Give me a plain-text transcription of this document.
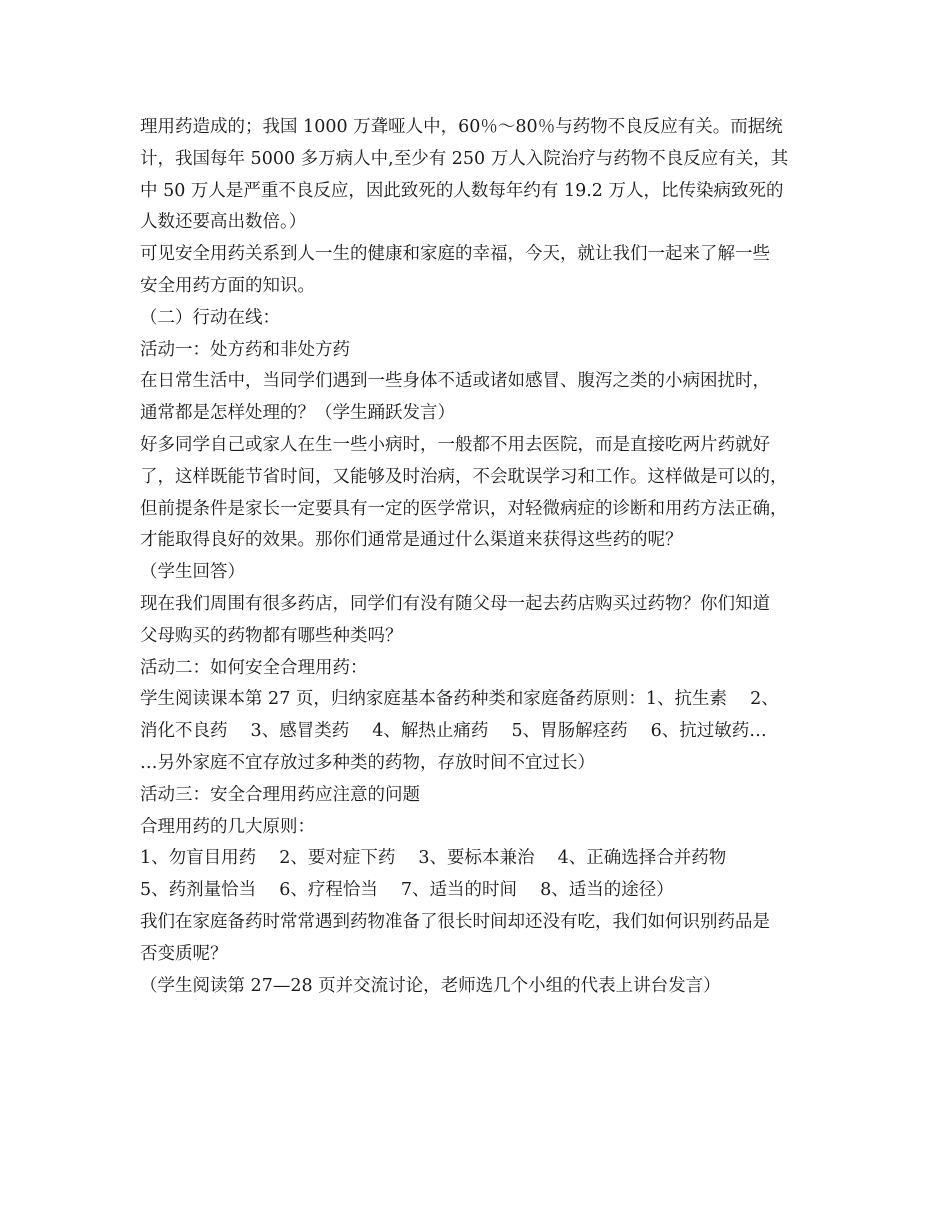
理用药造成的；我国 1000 万聋哑人中，60％～80％与药物不良反应有关。而据统
计，我国每年 5000 多万病人中,至少有 250 万人入院治疗与药物不良反应有关，其
中 50 万人是严重不良反应，因此致死的人数每年约有 19.2 万人，比传染病致死的
人数还要高出数倍。）
可见安全用药关系到人一生的健康和家庭的幸福，今天，就让我们一起来了解一些
安全用药方面的知识。
（二）行动在线：
活动一：处方药和非处方药
在日常生活中，当同学们遇到一些身体不适或诸如感冒、腹泻之类的小病困扰时，
通常都是怎样处理的？（学生踊跃发言）
好多同学自己或家人在生一些小病时，一般都不用去医院，而是直接吃两片药就好
了，这样既能节省时间，又能够及时治病，不会耽误学习和工作。这样做是可以的，
但前提条件是家长一定要具有一定的医学常识，对轻微病症的诊断和用药方法正确，
才能取得良好的效果。那你们通常是通过什么渠道来获得这些药的呢？
（学生回答）
现在我们周围有很多药店，同学们有没有随父母一起去药店购买过药物？你们知道
父母购买的药物都有哪些种类吗？
活动二：如何安全合理用药：
学生阅读课本第 27 页，归纳家庭基本备药种类和家庭备药原则：1、抗生素　 2、
消化不良药　 3、感冒类药　 4、解热止痛药　 5、胃肠解痉药　 6、抗过敏药…
…另外家庭不宜存放过多种类的药物，存放时间不宜过长）
活动三：安全合理用药应注意的问题
合理用药的几大原则：
1、勿盲目用药　 2、要对症下药　 3、要标本兼治　 4、正确选择合并药物
5、药剂量恰当　 6、疗程恰当　 7、适当的时间　 8、适当的途径）
我们在家庭备药时常常遇到药物准备了很长时间却还没有吃，我们如何识别药品是
否变质呢？
（学生阅读第 27—28 页并交流讨论，老师选几个小组的代表上讲台发言）
